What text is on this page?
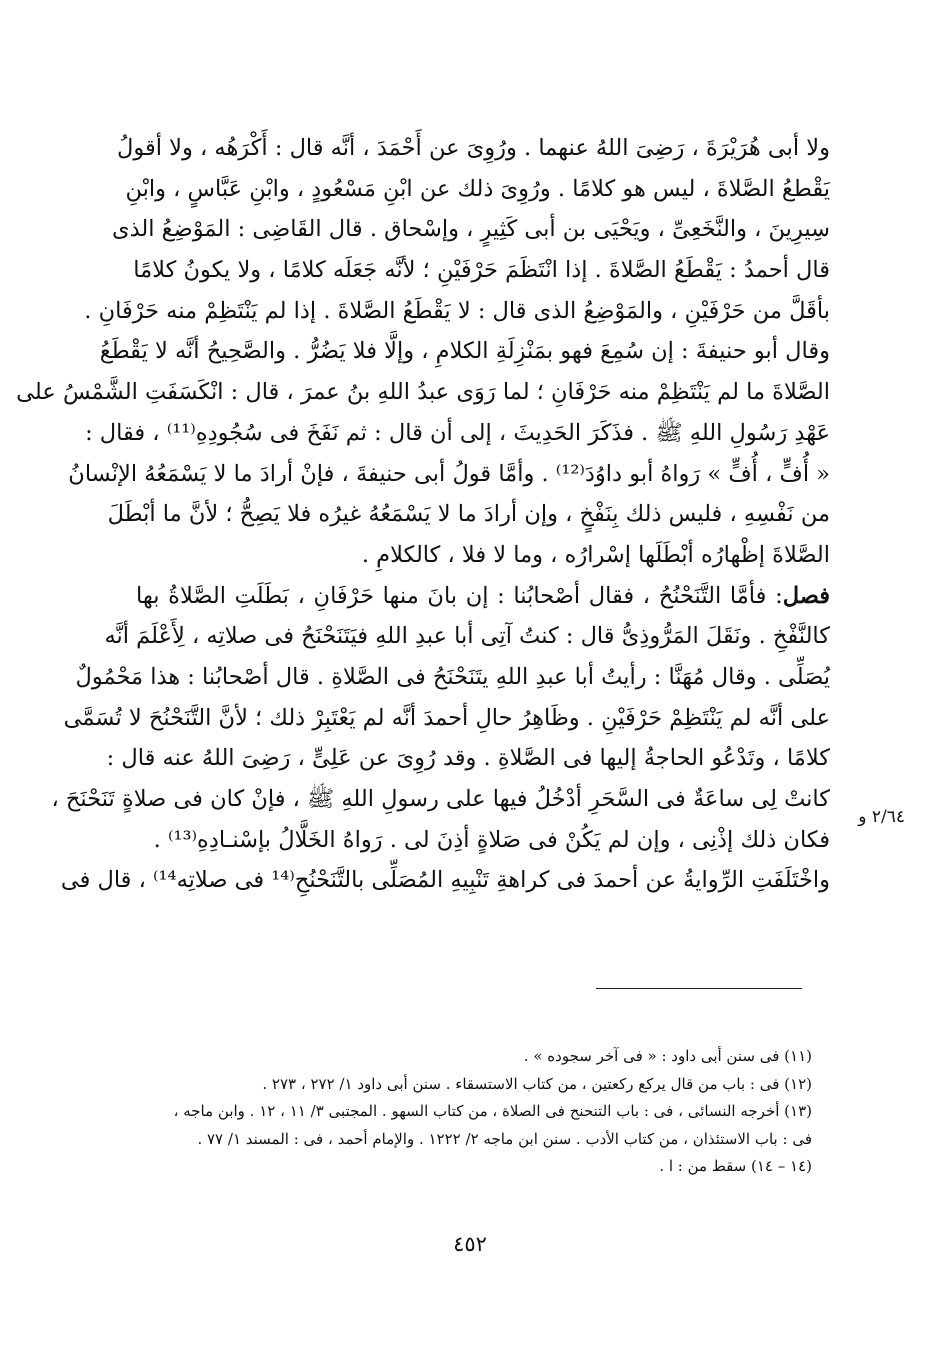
ولا أبى هُرَيْرَةَ ، رَضِىَ اللهُ عنهما . ورُوِىَ عن أَحْمَدَ ، أنَّه قال : أَكْرَهُه ، ولا أقولُ
يَقْطعُ الصَّلاةَ ، ليس هو كلامًا . ورُوِىَ ذلك عن ابْنِ مَسْعُودٍ ، وابْنِ عَبَّاسٍ ، وابْنِ
سِيرِينَ ، والنَّخَعِىِّ ، ويَحْيَى بن أبى كَثِيرٍ ، وإسْحاق . قال القَاضِى : المَوْضِعُ الذى
قال أحمدُ : يَقْطَعُ الصَّلاةَ . إذا انْتَظَمَ حَرْفَيْنِ ؛ لأنَّه جَعَلَه كلامًا ، ولا يكونُ كلامًا
بأقَلَّ من حَرْفَيْنِ ، والمَوْضِعُ الذى قال : لا يَقْطَعُ الصَّلاةَ . إذا لم يَنْتَظِمْ منه حَرْفَانِ .
وقال أبو حنيفةَ : إن سُمِعَ فهو بمَنْزِلَةِ الكلامِ ، وإلَّا فلا يَضُرُّ . والصَّحِيحُ أنَّه لا يَقْطَعُ
الصَّلاةَ ما لم يَنْتَظِمْ منه حَرْفَانِ ؛ لما رَوَى عبدُ اللهِ بنُ عمرَ ، قال : انْكَسَفَتِ الشَّمْسُ على
عَهْدِ رَسُولِ اللهِ ﷺ . فذَكَرَ الحَدِيثَ ، إلى أن قال : ثم نَفَخَ فى سُجُودِهِ⁽¹¹⁾ ، فقال :
« أُفٍّ ، أُفٍّ » رَواهُ أبو داوُدَ⁽¹²⁾ . وأمَّا قولُ أبى حنيفةَ ، فإنْ أرادَ ما لا يَسْمَعُهُ الإنْسانُ
من نَفْسِهِ ، فليس ذلك بِنَفْخٍ ، وإن أرادَ ما لا يَسْمَعُهُ غيرُه فلا يَصِحُّ ؛ لأنَّ ما أبْطَلَ
الصَّلاةَ إظْهارُه أبْطَلَها إسْرارُه ، وما لا فلا ، كالكلامِ .
فصل: فأمَّا التَّنَحْنُحُ ، فقال أصْحابُنا : إن بانَ منها حَرْفَانِ ، بَطَلَتِ الصَّلاةُ بها
كالنَّفْخِ . ونَقَلَ المَرُّوذِىُّ قال : كنتُ آتِى أبا عبدِ اللهِ فيَتَنَحْنَحُ فى صلاتِه ، لِأَعْلَمَ أنَّه
يُصَلِّى . وقال مُهَنَّا : رأيتُ أبا عبدِ اللهِ يتَنَحْنَحُ فى الصَّلاةِ . قال أصْحابُنا : هذا مَحْمُولٌ
على أنَّه لم يَنْتَظِمْ حَرْفَيْنِ . وظَاهِرُ حالِ أحمدَ أنَّه لم يَعْتَبِرْ ذلك ؛ لأنَّ التَّنَحْنُحَ لا تُسَمَّى
كلامًا ، وتَدْعُو الحاجةُ إليها فى الصَّلاةِ . وقد رُوِىَ عن عَلِىٍّ ، رَضِىَ اللهُ عنه قال :
كانتْ لِى ساعَةٌ فى السَّحَرِ أدْخُلُ فيها على رسولِ اللهِ ﷺ ، فإنْ كان فى صلاةٍ تَنَحْنَحَ ،
فكان ذلك إذْنِى ، وإن لم يَكُنْ فى صَلاةٍ أذِنَ لى . رَواهُ الخَلَّالُ بإسْنـادِهِ⁽¹³⁾ .
واخْتَلَفَتِ الرِّوايةُ عن أحمدَ فى كراهةِ تَنْبِيهِ المُصَلِّى بالتَّنَحْنُحِ⁽¹⁴ فى صلاتِه¹⁴⁾ ، قال فى
٢/٦٤ و
(١١) فى سنن أبى داود : « فى آخر سجوده » .
(١٢) فى : باب من قال يركع ركعتين ، من كتاب الاستسقاء . سنن أبى داود ١/ ٢٧٢ ، ٢٧٣ .
(١٣) أخرجه النسائى ، فى : باب التنحنح فى الصلاة ، من كتاب السهو . المجتبى ٣/ ١١ ، ١٢ . وابن ماجه ،
فى : باب الاستئذان ، من كتاب الأدب . سنن ابن ماجه ٢/ ١٢٢٢ . والإمام أحمد ، فى : المسند ١/ ٧٧ .
(١٤ – ١٤) سقط من : ا .
٤٥٢
